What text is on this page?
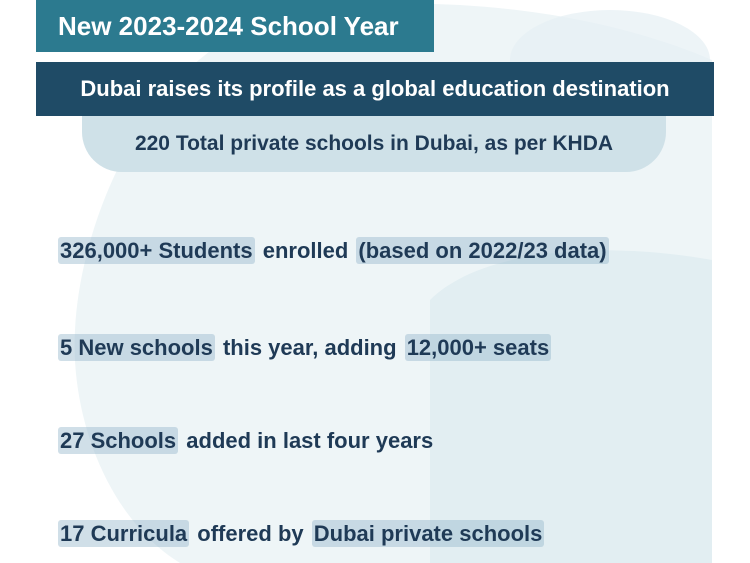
New 2023-2024 School Year
Dubai raises its profile as a global education destination
220 Total private schools in Dubai, as per KHDA
326,000+ Students enrolled (based on 2022/23 data)
5 New schools this year, adding 12,000+ seats
27 Schools added in last four years
17 Curricula offered by Dubai private schools
